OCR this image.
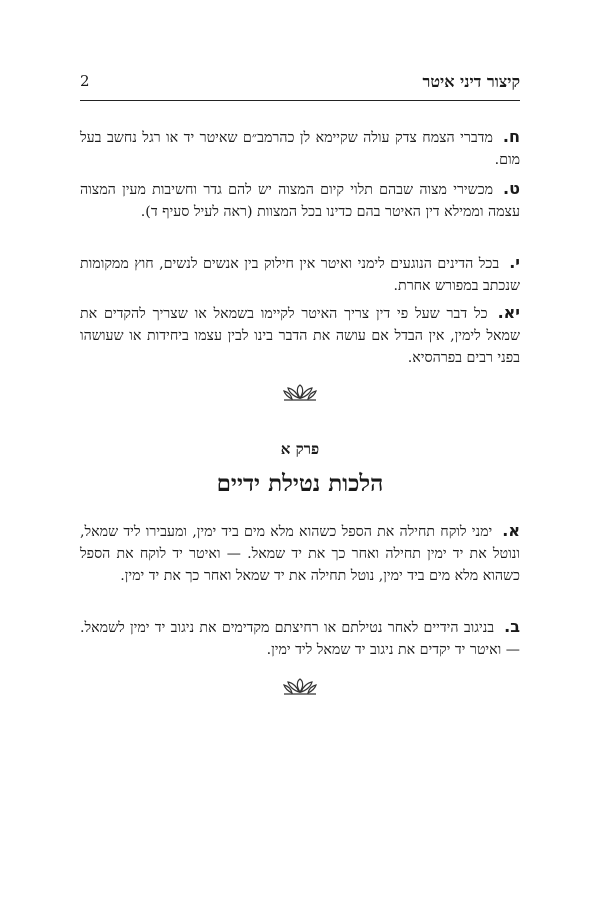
קיצור דיני איטר
2
ח.מדברי הצמח צדק עולה שקיימא לן כהרמב״ם שאיטר יד או רגל נחשב בעל מום.
ט.מכשירי מצוה שבהם תלוי קיום המצוה יש להם גדר וחשיבות מעין המצוה עצמה וממילא דין האיטר בהם כדינו בכל המצוות (ראה לעיל סעיף ד).
י.בכל הדינים הנוגעים לימני ואיטר אין חילוק בין אנשים לנשים, חוץ ממקומות שנכתב במפורש אחרת.
יא.כל דבר שעל פי דין צריך האיטר לקיימו בשמאל או שצריך להקדים את שמאל לימין, אין הבדל אם עושה את הדבר בינו לבין עצמו ביחידות או שעושהו בפני רבים בפרהסיא.
פרק א
הלכות נטילת ידיים
א.ימני לוקח תחילה את הספל כשהוא מלא מים ביד ימין, ומעבירו ליד שמאל, ונוטל את יד ימין תחילה ואחר כך את יד שמאל. — ואיטר יד לוקח את הספל כשהוא מלא מים ביד ימין, נוטל תחילה את יד שמאל ואחר כך את יד ימין.
ב.בניגוב הידיים לאחר נטילתם או רחיצתם מקדימים את ניגוב יד ימין לשמאל. — ואיטר יד יקדים את ניגוב יד שמאל ליד ימין.
